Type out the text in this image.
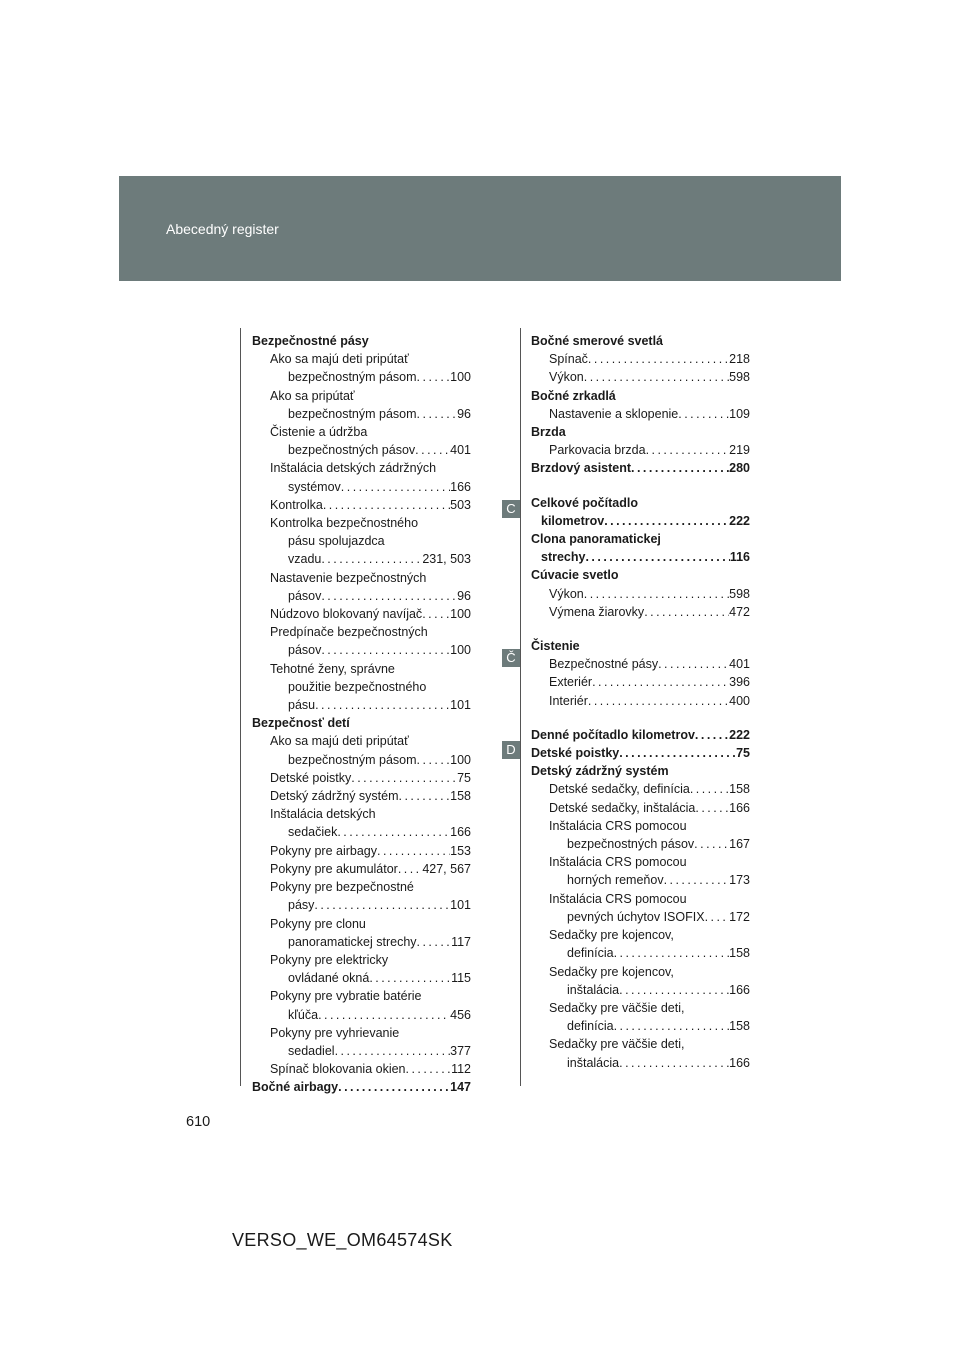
Abecedný register
Bezpečnostné pásy
Ako sa majú deti pripútať
bezpečnostným pásom . . .	100
Ako sa pripútať
bezpečnostným pásom . . .	96
Čistenie a údržba
bezpečnostných pásov . . .	401
Inštalácia detských zádržných
systémov . . .	166
Kontrolka . . .	503
Kontrolka bezpečnostného
pásu spolujazdca
vzadu . . .	231, 503
Nastavenie bezpečnostných
pásov . . .	96
Núdzovo blokovaný navíjač . . . 100
Predpínače bezpečnostných
pásov . . .	100
Tehotné ženy, správne
použitie bezpečnostného
pásu . . .	101
Bezpečnosť detí
Ako sa majú deti pripútať
bezpečnostným pásom . . .	100
Detské poistky . . .	75
Detský zádržný systém . . .	158
Inštalácia detských
sedačiek . . .	166
Pokyny pre airbagy . . .	153
Pokyny pre akumulátor . . . 427, 567
Pokyny pre bezpečnostné
pásy . . .	101
Pokyny pre clonu
panoramatickej strechy . . .	117
Pokyny pre elektricky
ovládané okná . . .	115
Pokyny pre vybratie batérie
kľúča . . .	456
Pokyny pre vyhrievanie
sedadiel . . .	377
Spínač blokovania okien . . .	112
Bočné airbagy . . .	147
Bočné smerové svetlá
Spínač . . .	218
Výkon . . .	598
Bočné zrkadlá
Nastavenie a sklopenie . . .	109
Brzda
Parkovacia brzda . . .	219
Brzdový asistent . . .	280
Celkové počítadlo
kilometrov . . .	222
Clona panoramatickej
strechy . . .	116
Cúvacie svetlo
Výkon . . .	598
Výmena žiarovky . . .	472
Čistenie
Bezpečnostné pásy . . .	401
Exteriér . . .	396
Interiér . . .	400
Denné počítadlo kilometrov . . .	222
Detské poistky . . .	75
Detský zádržný systém
Detské sedačky, definícia . . .	158
Detské sedačky, inštalácia . . .	166
Inštalácia CRS pomocou
bezpečnostných pásov . . .	167
Inštalácia CRS pomocou
horných remeňov . . .	173
Inštalácia CRS pomocou
pevných úchytov ISOFIX . . . 172
Sedačky pre kojencov,
definícia . . .	158
Sedačky pre kojencov,
inštalácia . . .	166
Sedačky pre väčšie deti,
definícia . . .	158
Sedačky pre väčšie deti,
inštalácia . . .	166
C
Č
D
610
VERSO_WE_OM64574SK
